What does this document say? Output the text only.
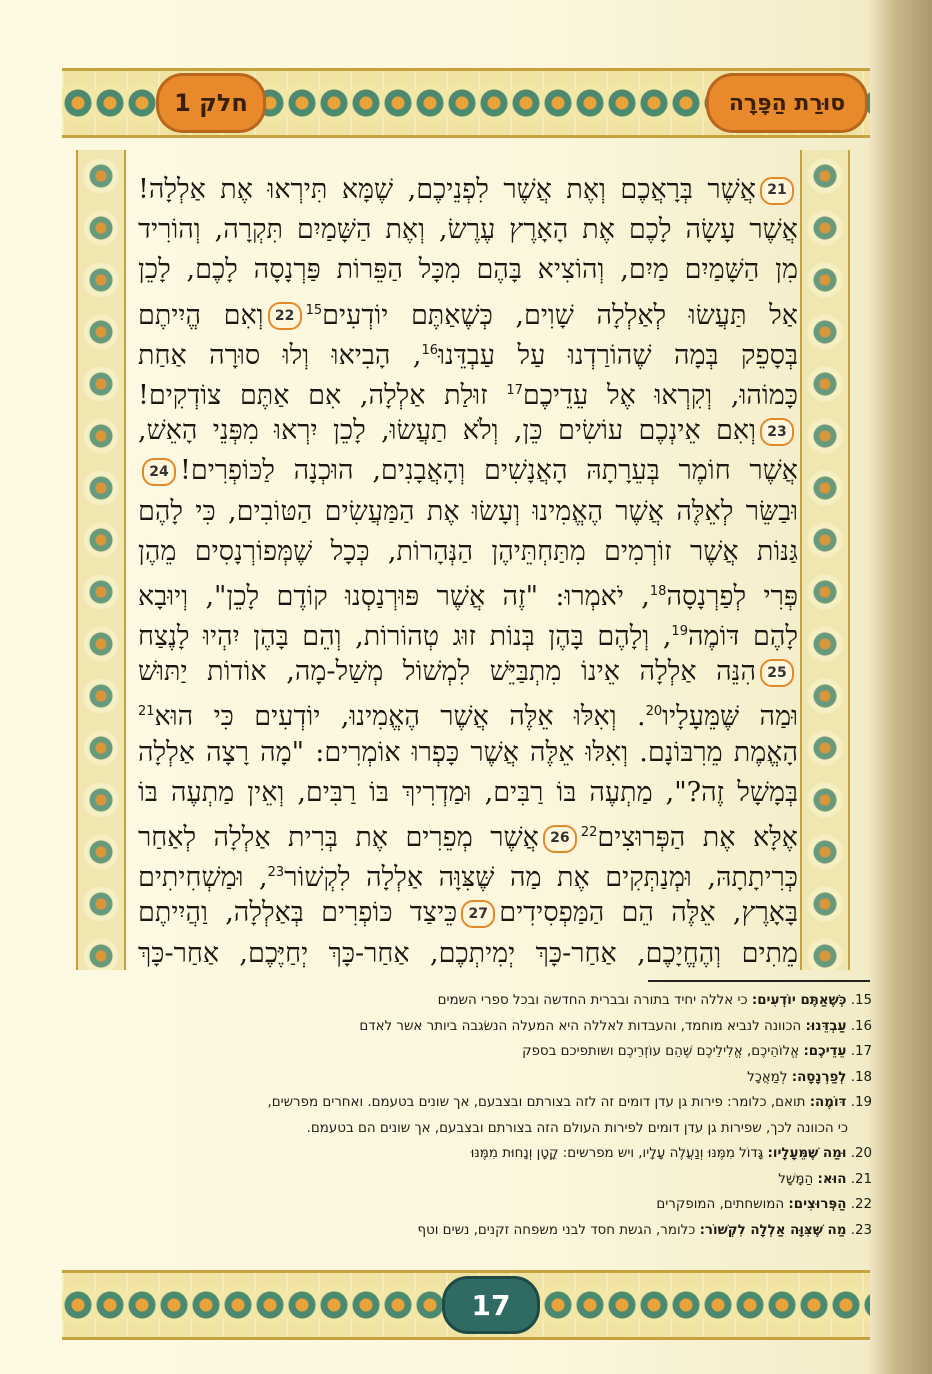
סוּרַת הַפָּרָה
חלק 1
21אֲשֶׁר בְּרָאֲכֶם וְאֶת אֲשֶׁר לִפְנֵיכֶם, שֶׁמָּא תִּירְאוּ אֶת אַלְלָה!
אֲשֶׁר עָשָׂה לָכֶם אֶת הָאָרֶץ עֶרֶשׂ, וְאֶת הַשָּׁמַיִם תִּקְרָה, וְהוֹרִיד
מִן הַשָּׁמַיִם מַיִם, וְהוֹצִיא בָּהֶם מִכָּל הַפֵּרוֹת פַּרְנָסָה לָכֶם, לָכֵן
אַל תַּעֲשׂוּ לְאַלְלָה שָׁוִים, כְּשֶׁאַתֶּם יוֹדְעִים$^{15}$22וְאִם הֱיִיתֶם
בְּסָפֵק בְּמָה שֶׁהוֹרַדְנוּ עַל עַבְדֵּנוּ$^{16}$, הָבִיאוּ וְלוּ סוּרָה אַחַת
כָּמוֹהוּ, וְקִרְאוּ אֶל עֵדֵיכֶם$^{17}$ זוּלַת אַלְלָה, אִם אַתֶּם צוֹדְקִים!
23וְאִם אֵינְכֶם עוֹשִׂים כֵּן, וְלֹא תַעֲשׂוּ, לָכֵן יִרְאוּ מִפְּנֵי הָאֵשׁ,
אֲשֶׁר חוֹמֶר בְּעֵרָתָהּ הָאֲנָשִׁים וְהָאֲבָנִים, הוּכְנָה לַכּוֹפְרִים!24
וּבַשֵּׂר לְאֵלֶּה אֲשֶׁר הֶאֱמִינוּ וְעָשׂוּ אֶת הַמַּעֲשִׂים הַטּוֹבִים, כִּי לָהֶם
גַּנּוֹת אֲשֶׁר זוֹרְמִים מִתַּחְתֵּיהֶן הַנְּהָרוֹת, כְּכָל שֶׁמְּפוֹרְנָסִים מֵהֶן
פְּרִי לְפַרְנָסָה$^{18}$, יֹאמְרוּ: "זֶה אֲשֶׁר פּוּרְנַסְנוּ קוֹדֶם לָכֵן", וְיוּבָא
לָהֶם דּוֹמֶה$^{19}$, וְלָהֶם בָּהֶן בְּנוֹת זוּג טְהוֹרוֹת, וְהֵם בָּהֶן יִהְיוּ לָנֶצַח
25הִנֵּה אַלְלָה אֵינוֹ מִתְבַּיֵּשׁ לִמְשׁוֹל מְשַׁל-מָה, אוֹדוֹת יַתּוּשׁ
וּמַה שֶּׁמֵּעָלָיו$^{20}$. וְאִלּוּ אֵלֶּה אֲשֶׁר הֶאֱמִינוּ, יוֹדְעִים כִּי הוּא$^{21}$
הָאֱמֶת מֵרִבּוֹנָם. וְאִלּוּ אֵלֶּה אֲשֶׁר כָּפְרוּ אוֹמְרִים: "מָה רָצָה אַלְלָה
בְּמָשָׁל זֶה?", מַתְעֶה בּוֹ רַבִּים, וּמַדְרִיךְ בּוֹ רַבִּים, וְאֵין מַתְעֶה בּוֹ
אֶלָּא אֶת הַפְּרוּצִים$^{22}$26אֲשֶׁר מְפֵרִים אֶת בְּרִית אַלְלָה לְאַחַר
כְּרִיתָתָהּ, וּמְנַתְּקִים אֶת מַה שֶּׁצִּוָּה אַלְלָה לִקְשׁוֹר$^{23}$, וּמַשְׁחִיתִים
בָּאָרֶץ, אֵלֶּה הֵם הַמַּפְסִידִים27כֵּיצַד כּוֹפְרִים בְּאַלְלָה, וַהֲיִיתֶם
מֵתִים וְהֶחֱיָכֶם, אַחַר-כָּךְ יְמִיתְכֶם, אַחַר-כָּךְ יְחַיֶּכֶם, אַחַר-כָּךְ
15. כְּשֶׁאַתֶּם יוֹדְעִים: כי אללה יחיד בתורה ובברית החדשה ובכל ספרי השמים
16. עַבְדֵּנוּ: הכוונה לנביא מוחמד, והעבדות לאללה היא המעלה הנשׂגבה ביותר אשר לאדם
17. עֵדֵיכֶם: אֱלוֹהֵיכֶם, אֱלִילֵיכֶם שֶׁהֵם עוֹזְרֵיכֶם ושותפיכם בספק
18. לְפַרְנָסָה: לְמַאֲכָל
19. דּוֹמֶה: תואם, כלומר: פירות גן עדן דומים זה לזה בצורתם ובצבעם, אך שונים בטעמם. ואחרים מפרשים,
כי הכוונה לכך, שפירות גן עדן דומים לפירות העולם הזה בצורתם ובצבעם, אך שונים הם בטעמם.
20. וּמַה שֶּׁמֵּעָלָיו: גָּדוֹל מִמֶּנּוּ וְנַעֲלֶה עָלָיו, ויש מפרשים: קָטָן וְנָחוּת מִמֶּנּוּ
21. הוּא: הַמָּשָׁל
22. הַפְּרוּצִים: המושחתים, המופקרים
23. מַה שֶּׁצִּוָּה אַלְלָה לִקְשׁוֹר: כלומר, הגשת חסד לבני משפחה זקנים, נשים וטף
17
